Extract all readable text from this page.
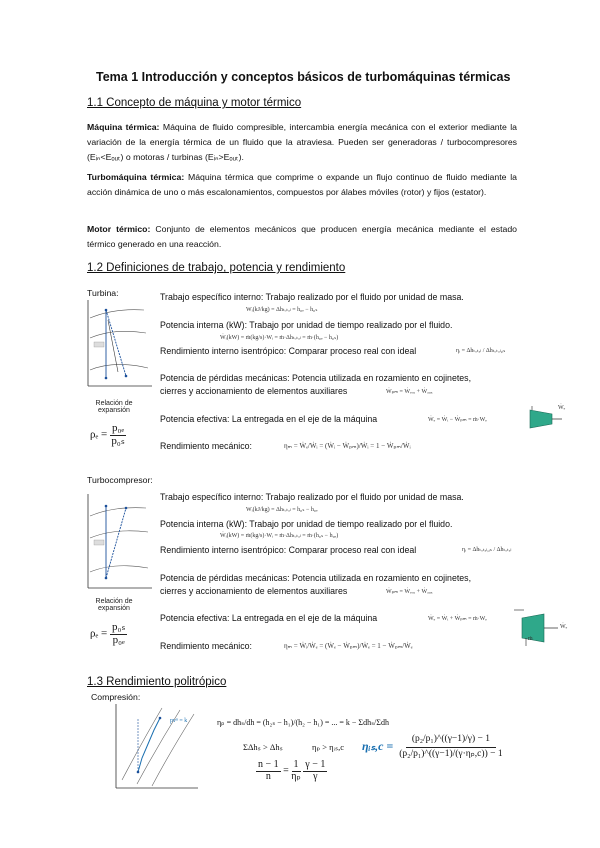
Tema 1 Introducción y conceptos básicos de turbomáquinas térmicas
1.1 Concepto de máquina y motor térmico
Máquina térmica: Máquina de fluido compresible, intercambia energía mecánica con el exterior mediante la variación de la energía térmica de un fluido que la atraviesa. Pueden ser generadoras / turbocompresores (Eᵢₙ<Eₒᵤₜ) o motoras / turbinas (Eᵢₙ>Eₒᵤₜ).
Turbomáquina térmica: Máquina térmica que comprime o expande un flujo continuo de fluido mediante la acción dinámica de uno o más escalonamientos, compuestos por álabes móviles (rotor) y fijos (estator).
Motor térmico: Conjunto de elementos mecánicos que producen energía mecánica mediante el estado térmico generado en una reacción.
1.2 Definiciones de trabajo, potencia y rendimiento
Turbina:
Relación de expansión
$\rho_e = \frac{\text{p₀ₑ}}{\text{p₀ₛ}}$
Trabajo específico interno: Trabajo realizado por el fluido por unidad de masa.
Wᵢ(kJ/kg) = Δhₜₒₜₐₗ = h₀ₑ − h₀ₛ
Potencia interna (kW): Trabajo por unidad de tiempo realizado por el fluido.
Ẇᵢ(kW) = ṁ(kg/s)·Wᵢ = ṁ·Δhₜₒₜₐₗ = ṁ·(h₀ₑ − h₀ₛ)
Rendimiento interno isentrópico: Comparar proceso real con ideal	ηᵢ = Δhₜₒₜₐₗ / Δhₜₒₜₐₗ,ᵢₛ
Potencia de pérdidas mecánicas: Potencia utilizada en rozamiento en cojinetes,
cierres y accionamiento de elementos auxiliares	Ẇₚₘ = Ẇᵣₒᵤ + Ẇₐᵤₓ
Potencia efectiva: La entregada en el eje de la máquina	Ẇₑ = Ẇᵢ − Ẇₚₘ = ṁ·Wₑ
Rendimiento mecánico:	ηₘ = Ẇₑ/Ẇᵢ = (Ẇᵢ − Ẇₚₘ)/Ẇᵢ = 1 − Ẇₚₘ/Ẇᵢ
Ẇₑ
Turbocompresor:
Relación de expansión
$\rho_e = \frac{\text{p₀ₛ}}{\text{p₀ₑ}}$
Trabajo específico interno: Trabajo realizado por el fluido por unidad de masa.
Wᵢ(kJ/kg) = Δhₜₒₜₐₗ = h₀ₛ − h₀ₑ
Potencia interna (kW): Trabajo por unidad de tiempo realizado por el fluido.
Ẇᵢ(kW) = ṁ(kg/s)·Wᵢ = ṁ·Δhₜₒₜₐₗ = ṁ·(h₀ₛ − h₀ₑ)
Rendimiento interno isentrópico: Comparar proceso real con ideal	ηᵢ = Δhₜₒₜₐₗ,ᵢₛ / Δhₜₒₜₐₗ
Potencia de pérdidas mecánicas: Potencia utilizada en rozamiento en cojinetes,
cierres y accionamiento de elementos auxiliares	Ẇₚₘ = Ẇᵣₒᵤ + Ẇₐᵤₓ
Potencia efectiva: La entregada en el eje de la máquina	Ẇₑ = Ẇᵢ + Ẇₚₘ = ṁ·Wₑ
Rendimiento mecánico:	ηₘ = Ẇᵢ/Ẇₑ = (Ẇₑ − Ẇₚₘ)/Ẇₑ = 1 − Ẇₚₘ/Ẇₑ
Ẇₑ
ṁ
1.3 Rendimiento politrópico
Compresión:
pvⁿ = k	ηₚ = dhₛ/dh = (h₂ₛ − h₁)/(h₂ − h₁) = ... = k − Σdhₛ/Σdh
ΣΔhₛ > Δhₛ	ηₚ > ηᵢₛ,c
$\frac{n - 1}{n} = \frac{1}{\text{ηₚ}}$
$\frac{\gamma - 1}{\gamma}$
ηᵢₛ,c = $\frac{\text{(p₂/p₁)\textasciicircum{}((γ−1)/γ) − 1}}{\text{(p₂/p₁)\textasciicircum{}((γ−1)/(γ·ηₚ,c)) − 1}}$
